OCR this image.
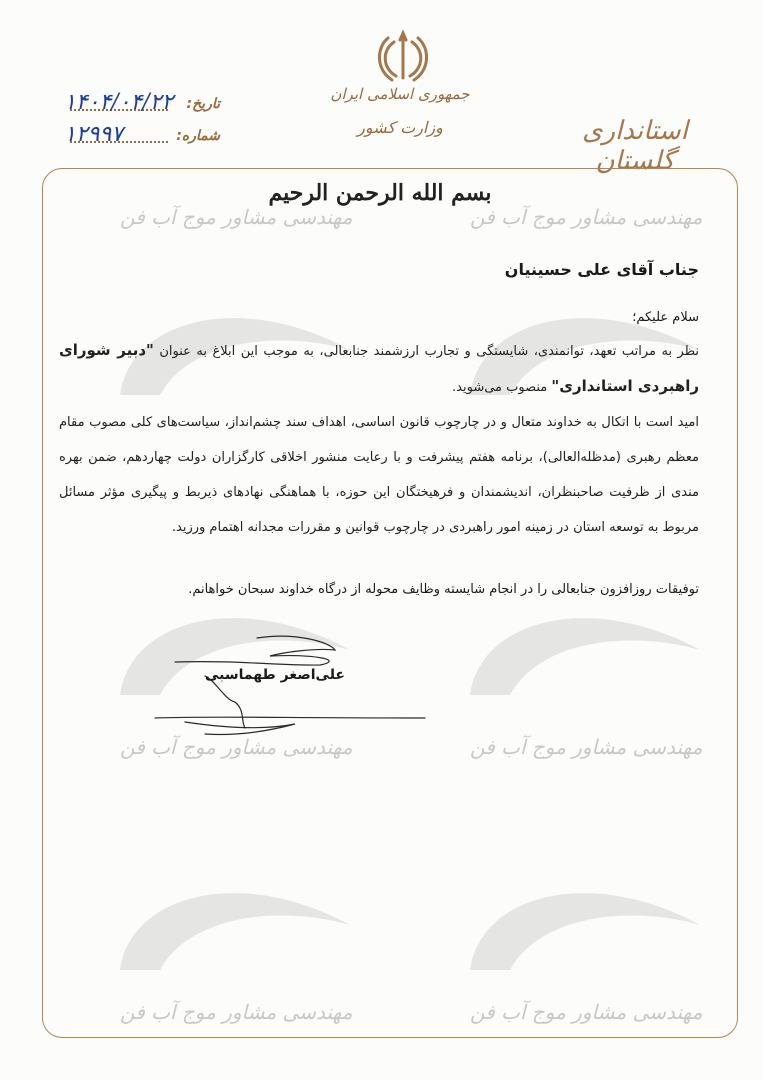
مهندسی مشاور موج آب فن	مهندسی مشاور موج آب فن
مهندسی مشاور موج آب فن	مهندسی مشاور موج آب فن
مهندسی مشاور موج آب فن	مهندسی مشاور موج آب فن
جمهوری اسلامی ایران
وزارت کشور	استانداری گلستان
تاریخ:
۱۴۰۴/۰۴/۲۲
شماره:
۱۲۹۹۷
بسم الله الرحمن الرحیم
جناب آقای علی حسینیان
سلام علیکم؛
نظر به مراتب تعهد، توانمندی، شایستگی و تجارب ارزشمند جنابعالی، به موجب این ابلاغ به عنوان "دبیر شورای راهبردی استانداری" منصوب می‌شوید.
امید است با اتکال به خداوند متعال و در چارچوب قانون اساسی، اهداف سند چشم‌انداز، سیاست‌های کلی مصوب مقام معظم رهبری (مدظله‌العالی)، برنامه هفتم پیشرفت و با رعایت منشور اخلاقی کارگزاران دولت چهاردهم، ضمن بهره مندی از ظرفیت صاحبنظران، اندیشمندان و فرهیختگان این حوزه، با هماهنگی نهادهای ذیربط و پیگیری مؤثر مسائل مربوط به توسعه استان در زمینه امور راهبردی در چارچوب قوانین و مقررات مجدانه اهتمام ورزید.
توفیقات روزافزون جنابعالی را در انجام شایسته وظایف محوله از درگاه خداوند سبحان خواهانم.
علی‌اصغر طهماسبی
